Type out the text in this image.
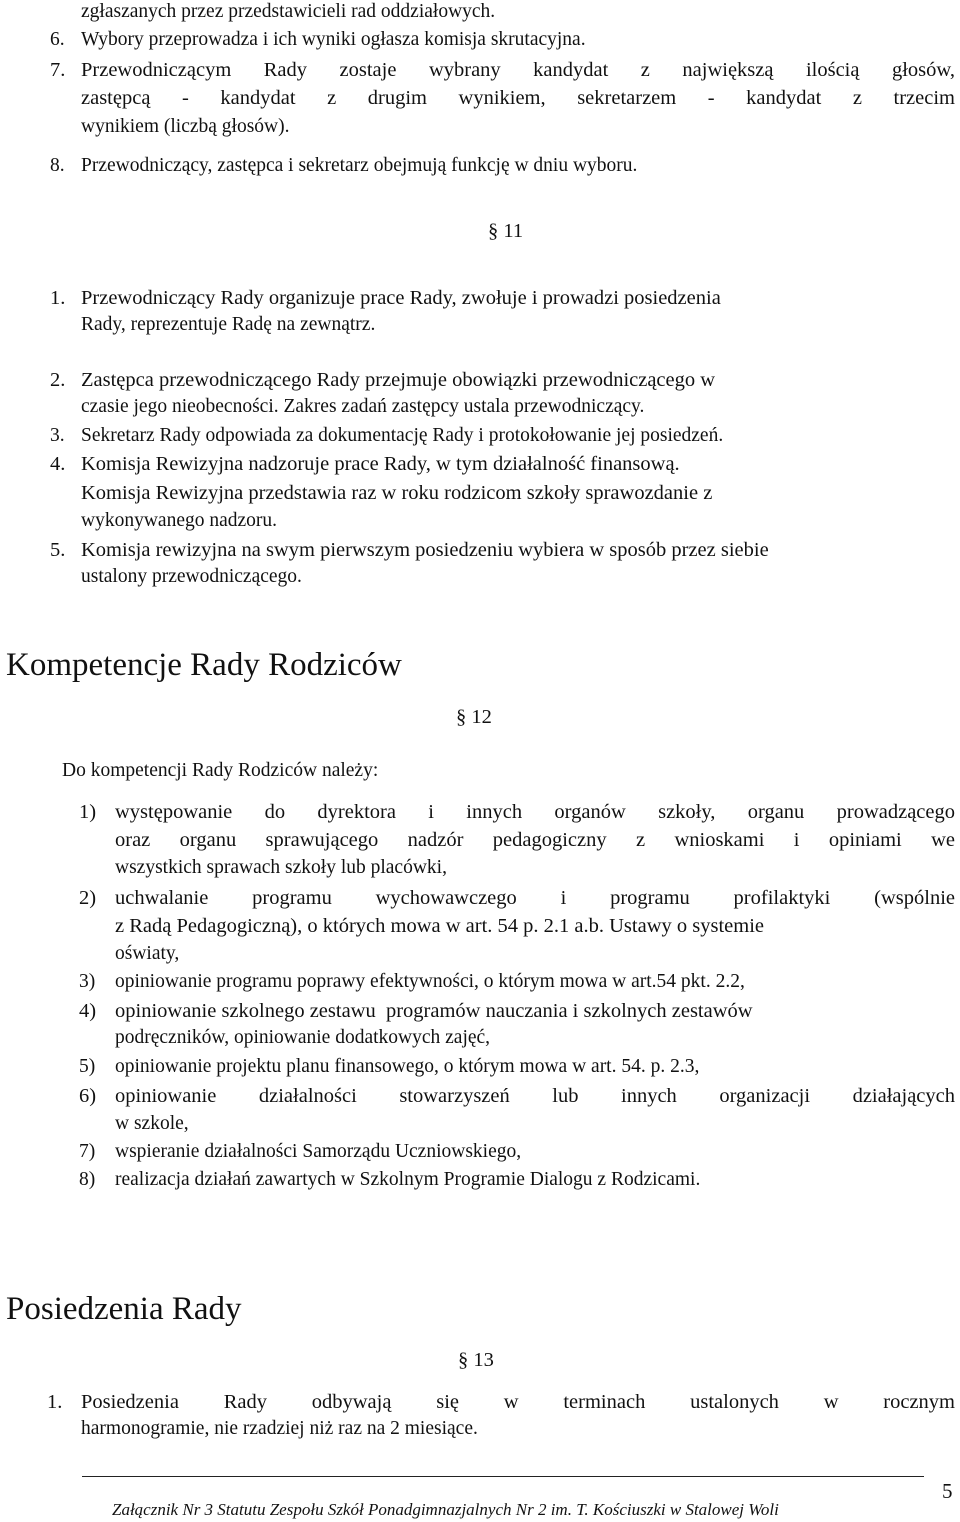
zgłaszanych przez przedstawicieli rad oddziałowych.
6. Wybory przeprowadza i ich wyniki ogłasza komisja skrutacyjna.
7. Przewodniczącym Rady zostaje wybrany kandydat z największą ilością głosów,
zastępcą - kandydat z drugim wynikiem, sekretarzem - kandydat z trzecim
wynikiem (liczbą głosów).
8. Przewodniczący, zastępca i sekretarz obejmują funkcję w dniu wyboru.
§ 11
1. Przewodniczący Rady organizuje prace Rady, zwołuje i prowadzi posiedzenia
Rady, reprezentuje Radę na zewnątrz.
2. Zastępca przewodniczącego Rady przejmuje obowiązki przewodniczącego w
czasie jego nieobecności. Zakres zadań zastępcy ustala przewodniczący.
3. Sekretarz Rady odpowiada za dokumentację Rady i protokołowanie jej posiedzeń.
4. Komisja Rewizyjna nadzoruje prace Rady, w tym działalność finansową.
Komisja Rewizyjna przedstawia raz w roku rodzicom szkoły sprawozdanie z
wykonywanego nadzoru.
5. Komisja rewizyjna na swym pierwszym posiedzeniu wybiera w sposób przez siebie
ustalony przewodniczącego.
Kompetencje Rady Rodziców
§ 12
Do kompetencji Rady Rodziców należy:
1) występowanie do dyrektora i innych organów szkoły, organu prowadzącego
oraz organu sprawującego nadzór pedagogiczny z wnioskami i opiniami we
wszystkich sprawach szkoły lub placówki,
2) uchwalanie programu wychowawczego i programu profilaktyki (wspólnie
z Radą Pedagogiczną), o których mowa w art. 54 p. 2.1 a.b. Ustawy o systemie
oświaty,
3) opiniowanie programu poprawy efektywności, o którym mowa w art.54 pkt. 2.2,
4) opiniowanie szkolnego zestawu  programów nauczania i szkolnych zestawów
podręczników, opiniowanie dodatkowych zajęć,
5) opiniowanie projektu planu finansowego, o którym mowa w art. 54. p. 2.3,
6) opiniowanie działalności stowarzyszeń lub innych organizacji działających
w szkole,
7) wspieranie działalności Samorządu Uczniowskiego,
8) realizacja działań zawartych w Szkolnym Programie Dialogu z Rodzicami.
Posiedzenia Rady
§ 13
1. Posiedzenia Rady odbywają się w terminach ustalonych w rocznym
harmonogramie, nie rzadziej niż raz na 2 miesiące.
Załącznik Nr 3 Statutu Zespołu Szkół Ponadgimnazjalnych Nr 2 im. T. Kościuszki w Stalowej Woli
5
